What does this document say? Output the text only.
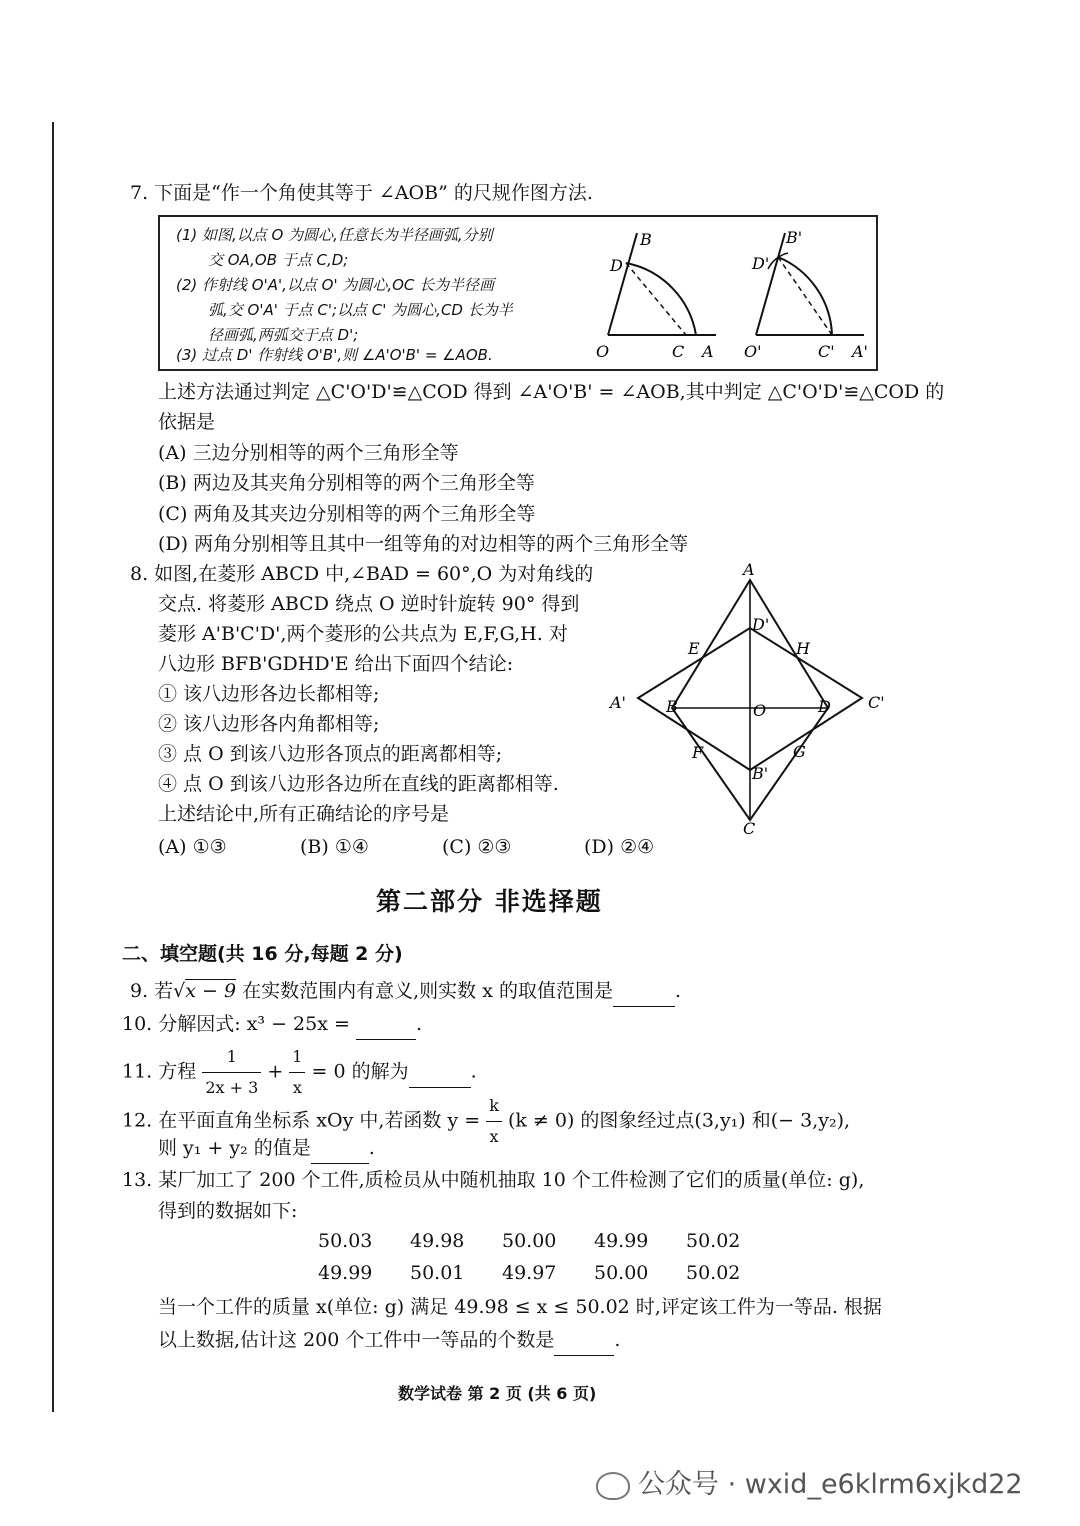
7. 下面是“作一个角使其等于 ∠AOB” 的尺规作图方法.
(1) 如图,以点 O 为圆心,任意长为半径画弧,分别
交 OA,OB 于点 C,D;
(2) 作射线 O'A',以点 O' 为圆心,OC 长为半径画
弧,交 O'A' 于点 C';以点 C' 为圆心,CD 长为半
径画弧,两弧交于点 D';
(3) 过点 D' 作射线 O'B',则 ∠A'O'B' = ∠AOB.
B
D
O	C A
B'
D'
O'	C' A'
上述方法通过判定 △C'O'D'≌△COD 得到 ∠A'O'B' = ∠AOB,其中判定 △C'O'D'≌△COD 的
依据是
(A) 三边分别相等的两个三角形全等
(B) 两边及其夹角分别相等的两个三角形全等
(C) 两角及其夹边分别相等的两个三角形全等
(D) 两角分别相等且其中一组等角的对边相等的两个三角形全等
8. 如图,在菱形 ABCD 中,∠BAD = 60°,O 为对角线的
交点. 将菱形 ABCD 绕点 O 逆时针旋转 90° 得到
菱形 A'B'C'D',两个菱形的公共点为 E,F,G,H. 对
八边形 BFB'GDHD'E 给出下面四个结论:
① 该八边形各边长都相等;
② 该八边形各内角都相等;
③ 点 O 到该八边形各顶点的距离都相等;
④ 点 O 到该八边形各边所在直线的距离都相等.
上述结论中,所有正确结论的序号是
(A) ①③	(B) ①④	(C) ②③	(D) ②④
A
B
C
D
O
A'
B'
C'
D'
E
F	G
H
第二部分 非选择题
二、填空题(共 16 分,每题 2 分)
9. 若√x − 9 在实数范围内有意义,则实数 x 的取值范围是	.
10. 分解因式: x³ − 25x =	.
11. 方程 $\frac{1}{2x + 3} + \frac{1}{x} = 0$ 的解为	.
12. 在平面直角坐标系 xOy 中,若函数 $y = \frac{k}{x} (k \ne 0)$ 的图象经过点(3,y₁) 和(− 3,y₂),
则 y₁ + y₂ 的值是	.
13. 某厂加工了 200 个工件,质检员从中随机抽取 10 个工件检测了它们的质量(单位: g),
得到的数据如下:
50.03 49.98 50.00 49.99 50.02
49.99 50.01 49.97 50.00 50.02
当一个工件的质量 x(单位: g) 满足 49.98 ≤ x ≤ 50.02 时,评定该工件为一等品. 根据
以上数据,估计这 200 个工件中一等品的个数是	.
数学试卷 第 2 页 (共 6 页)
公众号 · wxid_e6klrm6xjkd22
